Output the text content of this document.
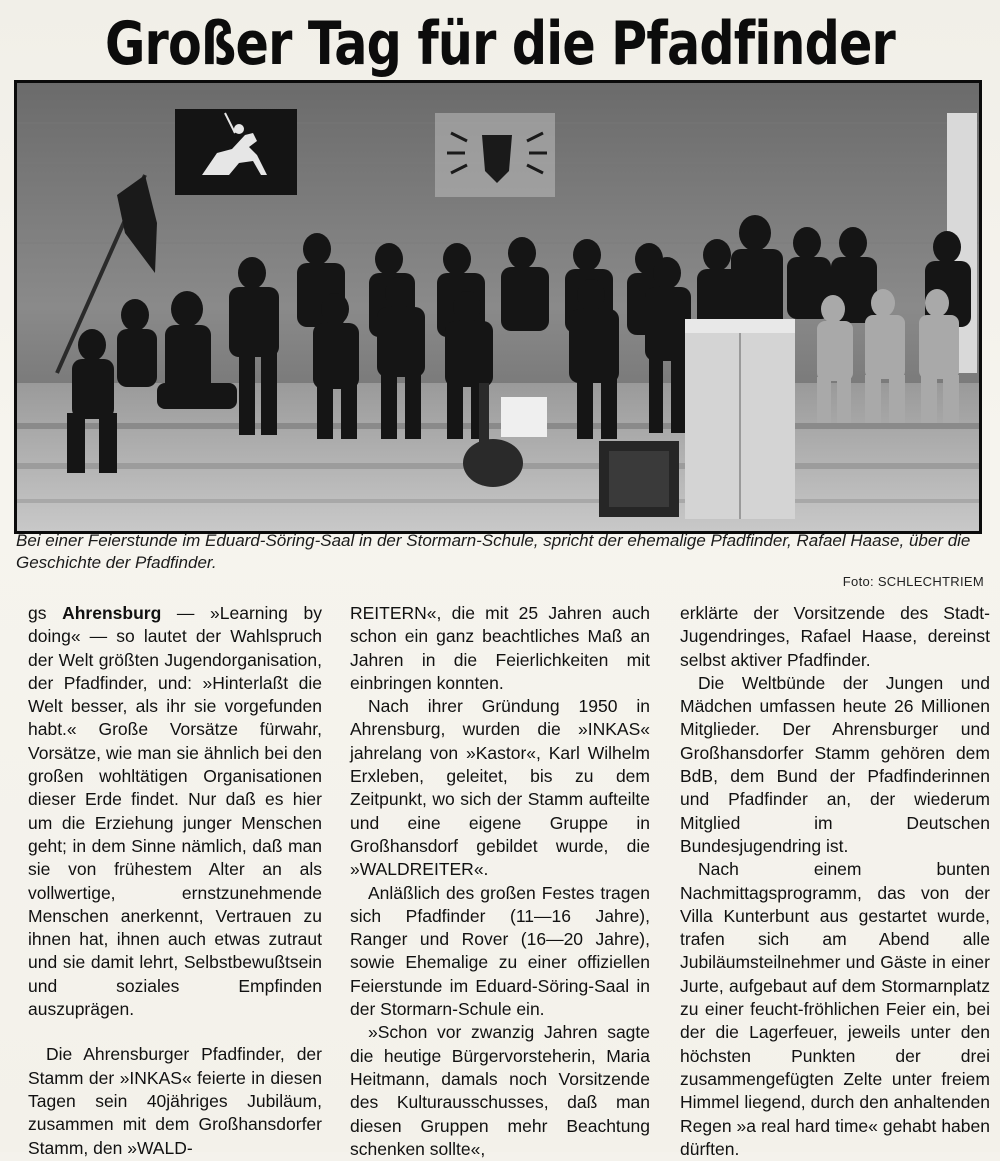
Großer Tag für die Pfadfinder
Bei einer Feierstunde im Eduard-Söring-Saal in der Stormarn-Schule, spricht der ehemalige Pfadfinder, Rafael Haase, über die Geschichte der Pfadfinder.
Foto: SCHLECHTRIEM

gs Ahrensburg — »Learning by doing« — so lautet der Wahlspruch der Welt größten Jugendorganisation, der Pfadfinder, und: »Hinterlaßt die Welt besser, als ihr sie vorgefunden habt.« Große Vorsätze fürwahr, Vorsätze, wie man sie ähnlich bei den großen wohltätigen Organisationen dieser Erde findet. Nur daß es hier um die Erziehung junger Menschen geht; in dem Sinne nämlich, daß man sie von frühestem Alter an als vollwertige, ernstzunehmende Menschen anerkennt, Vertrauen zu ihnen hat, ihnen auch etwas zutraut und sie damit lehrt, Selbstbewußtsein und soziales Empfinden auszuprägen.

Die Ahrensburger Pfadfinder, der Stamm der »INKAS« feierte in diesen Tagen sein 40jähriges Jubiläum, zusammen mit dem Großhansdorfer Stamm, den »WALD-

REITERN«, die mit 25 Jahren auch schon ein ganz beachtliches Maß an Jahren in die Feierlichkeiten mit einbringen konnten.

Nach ihrer Gründung 1950 in Ahrensburg, wurden die »INKAS« jahrelang von »Kastor«, Karl Wilhelm Erxleben, geleitet, bis zu dem Zeitpunkt, wo sich der Stamm aufteilte und eine eigene Gruppe in Großhansdorf gebildet wurde, die »WALDREITER«.

Anläßlich des großen Festes tragen sich Pfadfinder (11—16 Jahre), Ranger und Rover (16—20 Jahre), sowie Ehemalige zu einer offiziellen Feierstunde im Eduard-Söring-Saal in der Stormarn-Schule ein.

»Schon vor zwanzig Jahren sagte die heutige Bürgervorsteherin, Maria Heitmann, damals noch Vorsitzende des Kulturausschusses, daß man diesen Gruppen mehr Beachtung schenken sollte«,

erklärte der Vorsitzende des Stadt-Jugendringes, Rafael Haase, dereinst selbst aktiver Pfadfinder.

Die Weltbünde der Jungen und Mädchen umfassen heute 26 Millionen Mitglieder. Der Ahrensburger und Großhansdorfer Stamm gehören dem BdB, dem Bund der Pfadfinderinnen und Pfadfinder an, der wiederum Mitglied im Deutschen Bundesjugendring ist.

Nach einem bunten Nachmittagsprogramm, das von der Villa Kunterbunt aus gestartet wurde, trafen sich am Abend alle Jubiläumsteilnehmer und Gäste in einer Jurte, aufgebaut auf dem Stormarnplatz zu einer feucht-fröhlichen Feier ein, bei der die Lagerfeuer, jeweils unter den höchsten Punkten der drei zusammengefügten Zelte unter freiem Himmel liegend, durch den anhaltenden Regen »a real hard time« gehabt haben dürften.
